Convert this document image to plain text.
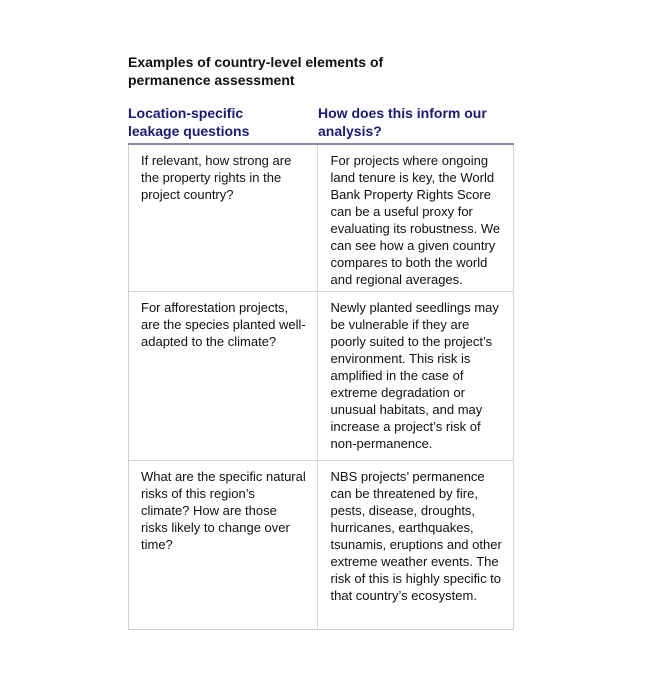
Examples of country-level elements of permanence assessment
Location-specific leakage questions
How does this inform our analysis?
If relevant, how strong are the property rights in the project country?
For projects where ongoing land tenure is key, the World Bank Property Rights Score can be a useful proxy for evaluating its robustness. We can see how a given country compares to both the world and regional averages.
For afforestation projects, are the species planted well-adapted to the climate?
Newly planted seedlings may be vulnerable if they are poorly suited to the project’s environment. This risk is amplified in the case of extreme degradation or unusual habitats, and may increase a project’s risk of non-permanence.
What are the specific natural risks of this region’s climate? How are those risks likely to change over time?
NBS projects’ permanence can be threatened by fire, pests, disease, droughts, hurricanes, earthquakes, tsunamis, eruptions and other extreme weather events. The risk of this is highly specific to that country’s ecosystem.
